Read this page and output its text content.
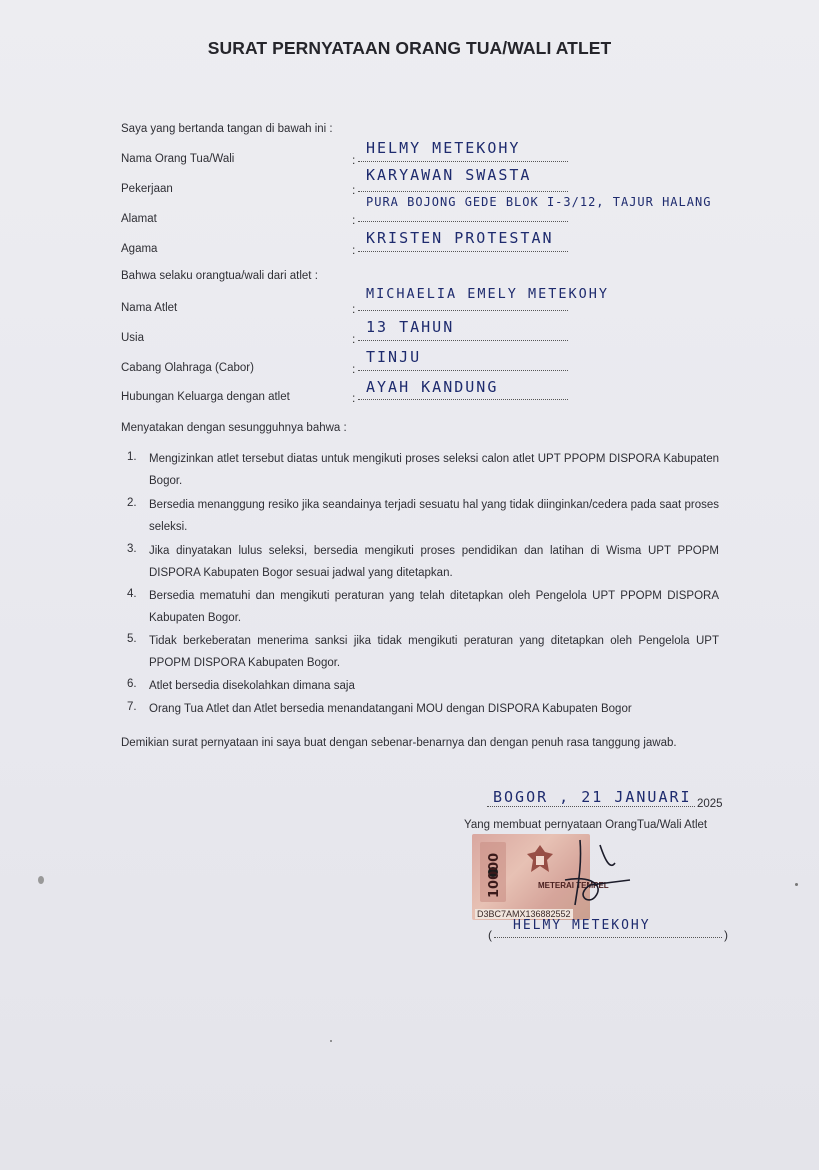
SURAT PERNYATAAN ORANG TUA/WALI ATLET
Saya yang bertanda tangan di bawah ini :
Nama Orang Tua/Wali	:
HELMY METEKOHY
Pekerjaan	:
KARYAWAN SWASTA
Alamat	:
PURA BOJONG GEDE BLOK I-3/12, TAJUR HALANG
Agama	:
KRISTEN PROTESTAN
Bahwa selaku orangtua/wali dari atlet :
Nama Atlet	:
MICHAELIA EMELY METEKOHY
Usia	:
13 TAHUN
Cabang Olahraga (Cabor)	:
TINJU
Hubungan Keluarga dengan atlet	:
AYAH KANDUNG
Menyatakan dengan sesungguhnya bahwa :
1. Mengizinkan atlet tersebut diatas untuk mengikuti proses seleksi calon atlet UPT PPOPM DISPORA Kabupaten Bogor.
2. Bersedia menanggung resiko jika seandainya terjadi sesuatu hal yang tidak diinginkan/cedera pada saat proses seleksi.
3. Jika dinyatakan lulus seleksi, bersedia mengikuti proses pendidikan dan latihan di Wisma UPT PPOPM DISPORA Kabupaten Bogor sesuai jadwal yang ditetapkan.
4. Bersedia mematuhi dan mengikuti peraturan yang telah ditetapkan oleh Pengelola UPT PPOPM DISPORA Kabupaten Bogor.
5. Tidak berkeberatan menerima sanksi jika tidak mengikuti peraturan yang ditetapkan oleh Pengelola UPT PPOPM DISPORA Kabupaten Bogor.
6. Atlet bersedia disekolahkan dimana saja
7. Orang Tua Atlet dan Atlet bersedia menandatangani MOU dengan DISPORA Kabupaten Bogor
Demikian surat pernyataan ini saya buat dengan sebenar-benarnya dan dengan penuh rasa tanggung jawab.
BOGOR , 21 JANUARI 2025
Yang membuat pernyataan OrangTua/Wali Atlet
10000	METERAI TEMPEL
D3BC7AMX136882552
(
HELMY METEKOHY
)
